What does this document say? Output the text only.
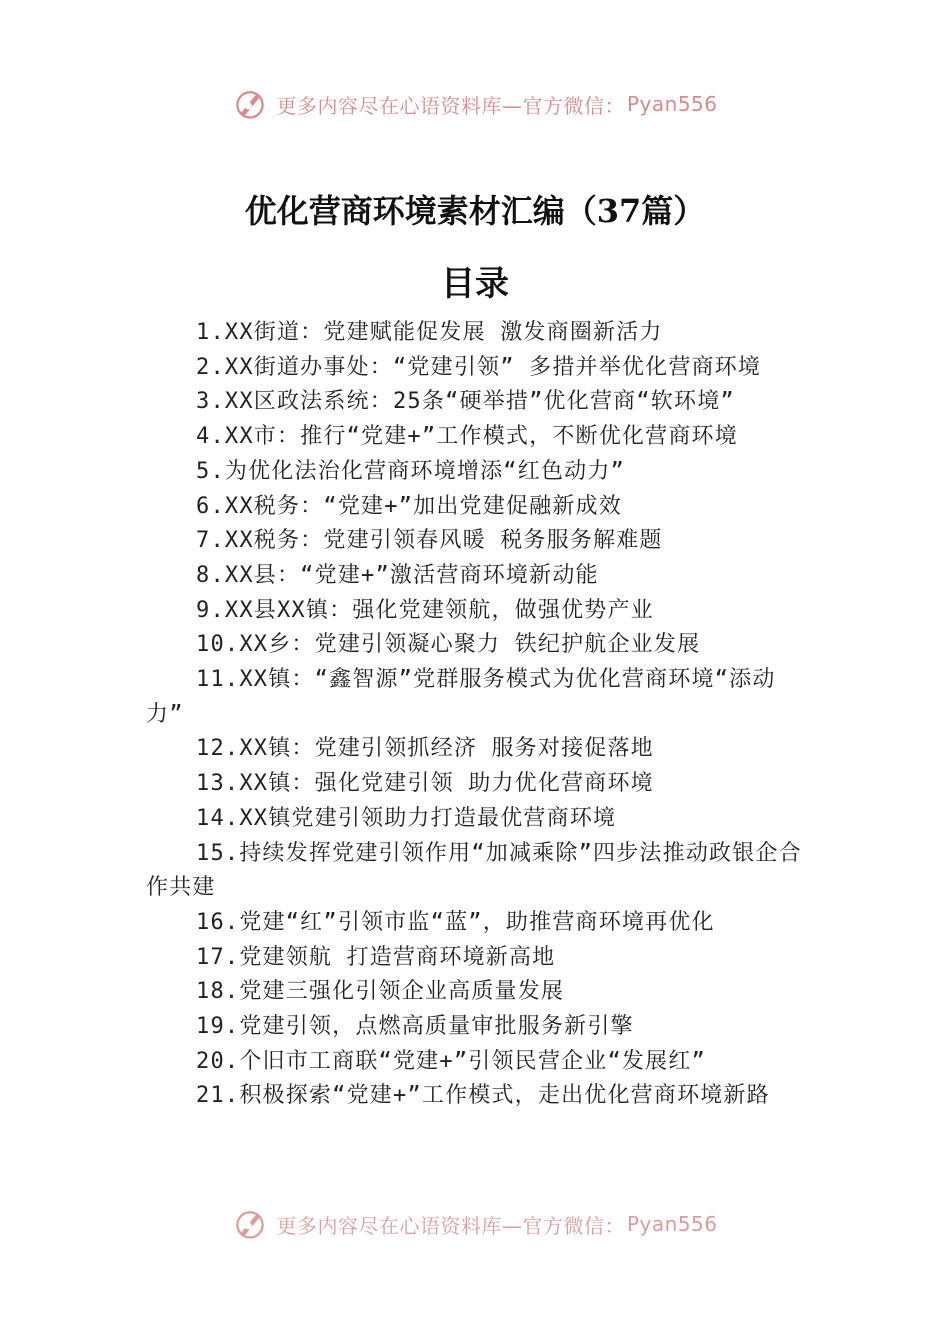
更多内容尽在心语资料库—官方微信： Pyan556
优化营商环境素材汇编（37篇）
目录
1.XX街道：党建赋能促发展 激发商圈新活力
2.XX街道办事处：“党建引领” 多措并举优化营商环境
3.XX区政法系统：25条“硬举措”优化营商“软环境”
4.XX市：推行“党建+”工作模式，不断优化营商环境
5.为优化法治化营商环境增添“红色动力”
6.XX税务：“党建+”加出党建促融新成效
7.XX税务：党建引领春风暖 税务服务解难题
8.XX县：“党建+”激活营商环境新动能
9.XX县XX镇：强化党建领航，做强优势产业
10.XX乡：党建引领凝心聚力 铁纪护航企业发展
11.XX镇：“鑫智源”党群服务模式为优化营商环境“添动力”
12.XX镇：党建引领抓经济 服务对接促落地
13.XX镇：强化党建引领 助力优化营商环境
14.XX镇党建引领助力打造最优营商环境
15.持续发挥党建引领作用“加减乘除”四步法推动政银企合作共建
16.党建“红”引领市监“蓝”，助推营商环境再优化
17.党建领航 打造营商环境新高地
18.党建三强化引领企业高质量发展
19.党建引领，点燃高质量审批服务新引擎
20.个旧市工商联“党建+”引领民营企业“发展红”
21.积极探索“党建+”工作模式，走出优化营商环境新路
更多内容尽在心语资料库—官方微信： Pyan556
